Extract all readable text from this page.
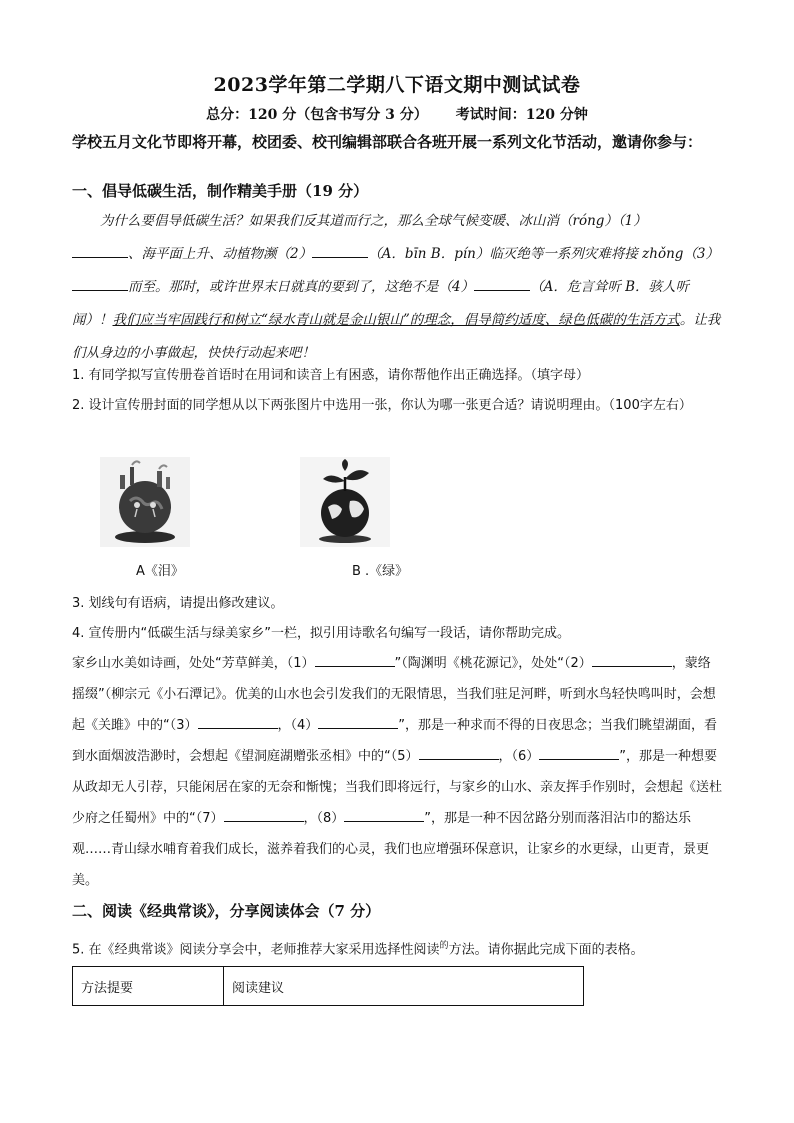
2023学年第二学期八下语文期中测试试卷
总分：120 分（包含书写分 3 分） 考试时间：120 分钟
学校五月文化节即将开幕，校团委、校刊编辑部联合各班开展一系列文化节活动，邀请你参与：
一、倡导低碳生活，制作精美手册（19 分）
为什么要倡导低碳生活？如果我们反其道而行之，那么全球气候变暖、冰山消（róng）（1）
、海平面上升、动植物濒（2）	（A．bīn B．pín）临灭绝等一系列灾难将接 zhǒng（3）
而至。那时，或许世界末日就真的要到了，这绝不是（4）	（A．危言耸听 B．骇人听
闻）！我们应当牢固践行和树立“绿水青山就是金山银山”的理念，倡导简约适度、绿色低碳的生活方式。让我们从身边的小事做起，快快行动起来吧！
1. 有同学拟写宣传册卷首语时在用词和读音上有困惑，请你帮他作出正确选择。（填字母）
2. 设计宣传册封面的同学想从以下两张图片中选用一张，你认为哪一张更合适？请说明理由。（100字左右）
A《泪》	B .《绿》
3. 划线句有语病，请提出修改建议。
4. 宣传册内“低碳生活与绿美家乡”一栏，拟引用诗歌名句编写一段话，请你帮助完成。
家乡山水美如诗画，处处“芳草鲜美，（1）	”（陶渊明《桃花源记》，处处“（2）	，蒙络摇缀”（柳宗元《小石潭记》。优美的山水也会引发我们的无限情思，当我们驻足河畔，听到水鸟轻快鸣叫时，会想起《关雎》中的“（3）	，（4）	”，那是一种求而不得的日夜思念；当我们眺望湖面，看到水面烟波浩渺时，会想起《望洞庭湖赠张丞相》中的“（5）	，（6）	”，那是一种想要从政却无人引荐，只能闲居在家的无奈和惭愧；当我们即将远行，与家乡的山水、亲友挥手作别时，会想起《送杜少府之任蜀州》中的“（7）	，（8）	”，那是一种不因岔路分别而落泪沾巾的豁达乐观……青山绿水哺育着我们成长，滋养着我们的心灵，我们也应增强环保意识，让家乡的水更绿，山更青，景更美。
二、阅读《经典常谈》，分享阅读体会（7 分）
5. 在《经典常谈》阅读分享会中，老师推荐大家采用选择性阅读$^的$方法。请你据此完成下面的表格。
方法提要	阅读建议
